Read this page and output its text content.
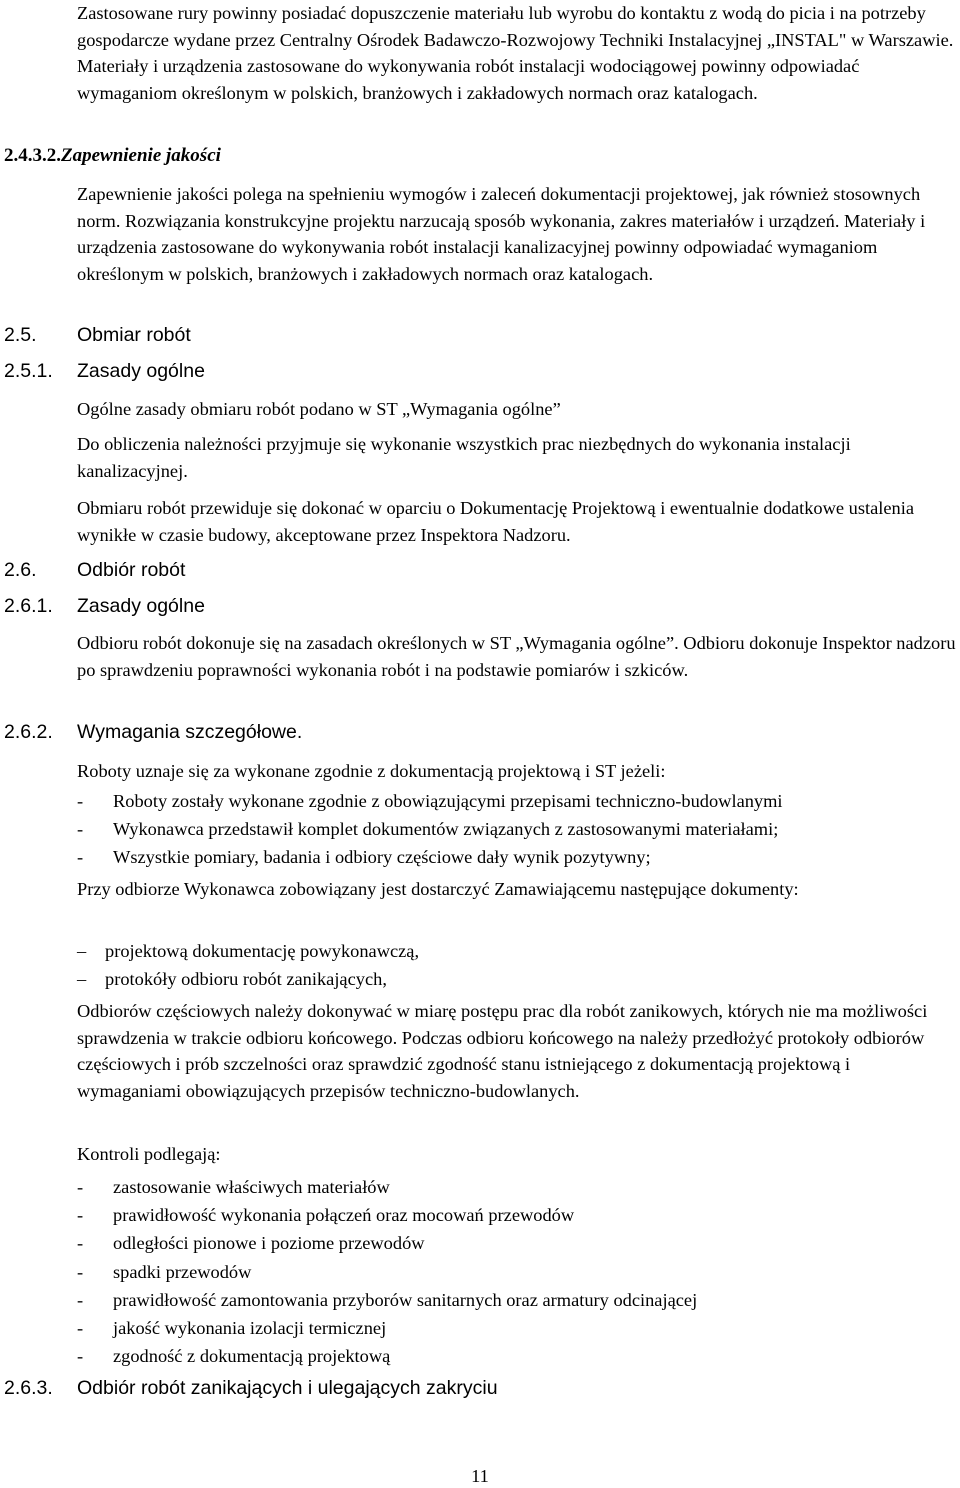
Zastosowane rury powinny posiadać dopuszczenie materiału lub wyrobu do kontaktu z wodą do picia i na potrzeby gospodarcze wydane przez Centralny Ośrodek Badawczo-Rozwojowy Techniki Instalacyjnej „INSTAL" w Warszawie. Materiały i urządzenia zastosowane do wykonywania robót instalacji wodociągowej powinny odpowiadać wymaganiom określonym w polskich, branżowych i zakładowych normach oraz katalogach.

2.4.3.2.Zapewnienie jakości

Zapewnienie jakości polega na spełnieniu wymogów i zaleceń dokumentacji projektowej, jak również stosownych norm. Rozwiązania konstrukcyjne projektu narzucają sposób wykonania, zakres materiałów i urządzeń. Materiały i urządzenia zastosowane do wykonywania robót instalacji kanalizacyjnej powinny odpowiadać wymaganiom określonym w polskich, branżowych i zakładowych normach oraz katalogach.

2.5. Obmiar robót
2.5.1. Zasady ogólne

Ogólne zasady obmiaru robót podano w ST „Wymagania ogólne”

Do obliczenia należności przyjmuje się wykonanie wszystkich prac niezbędnych do wykonania instalacji kanalizacyjnej.

Obmiaru robót przewiduje się dokonać w oparciu o Dokumentację Projektową i ewentualnie dodatkowe ustalenia wynikłe w czasie budowy, akceptowane przez Inspektora Nadzoru.

2.6. Odbiór robót
2.6.1. Zasady ogólne

Odbioru robót dokonuje się na zasadach określonych w ST „Wymagania ogólne”. Odbioru dokonuje Inspektor nadzoru po sprawdzeniu poprawności wykonania robót i na podstawie pomiarów i szkiców.

2.6.2. Wymagania szczegółowe.

Roboty uznaje się za wykonane zgodnie z dokumentacją projektową i ST jeżeli:

- Roboty zostały wykonane zgodnie z obowiązującymi przepisami techniczno-budowlanymi
- Wykonawca przedstawił komplet dokumentów związanych z zastosowanymi materiałami;
- Wszystkie pomiary, badania i odbiory częściowe dały wynik pozytywny;

Przy odbiorze Wykonawca zobowiązany jest dostarczyć Zamawiającemu następujące dokumenty:

– projektową dokumentację powykonawczą,
– protokóły odbioru robót zanikających,

Odbiorów częściowych należy dokonywać w miarę postępu prac dla robót zanikowych, których nie ma możliwości sprawdzenia w trakcie odbioru końcowego. Podczas odbioru końcowego na należy przedłożyć protokoły odbiorów częściowych i prób szczelności oraz sprawdzić zgodność stanu istniejącego z dokumentacją projektową i wymaganiami obowiązujących przepisów techniczno-budowlanych.

Kontroli podlegają:

- zastosowanie właściwych materiałów
- prawidłowość wykonania połączeń oraz mocowań przewodów
- odległości pionowe i poziome przewodów
- spadki przewodów
- prawidłowość zamontowania przyborów sanitarnych oraz armatury odcinającej
- jakość wykonania izolacji termicznej
- zgodność z dokumentacją projektową
2.6.3. Odbiór robót zanikających i ulegających zakryciu
11
